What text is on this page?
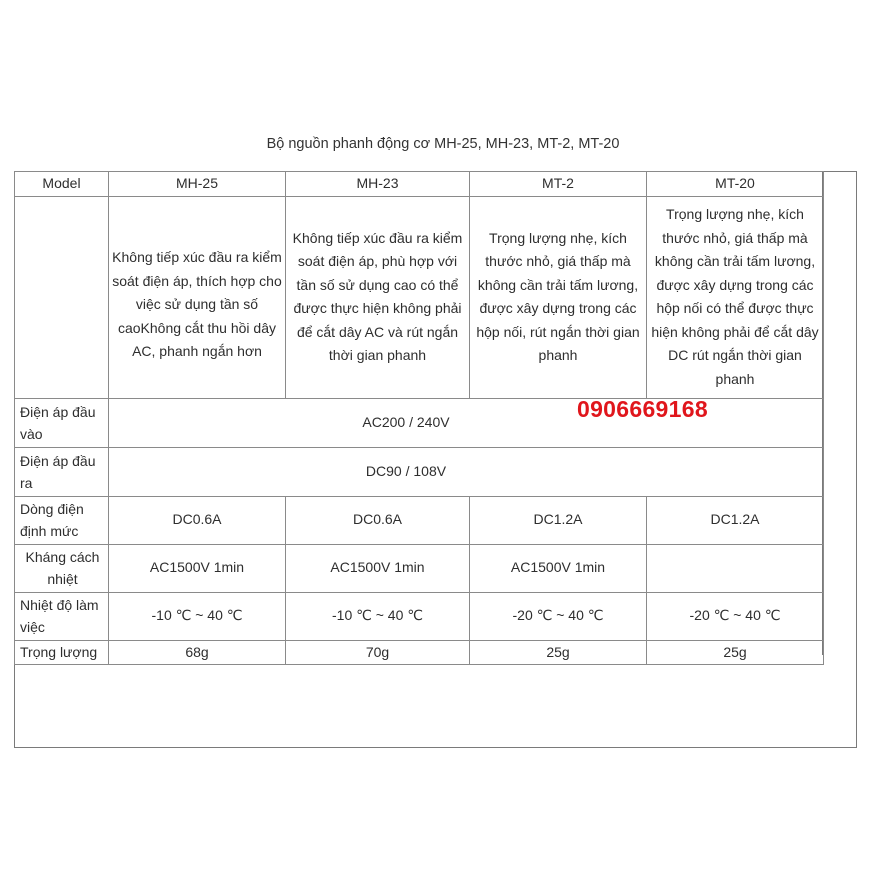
Bộ nguồn phanh động cơ MH-25, MH-23, MT-2, MT-20
Model	MH-25	MH-23	MT-2	MT-20
	Không tiếp xúc đầu ra kiểm soát điện áp, thích hợp cho việc sử dụng tần số caoKhông cắt thu hồi dây AC, phanh ngắn hơn	Không tiếp xúc đầu ra kiểm soát điện áp, phù hợp với tần số sử dụng cao có thể được thực hiện không phải để cắt dây AC và rút ngắn thời gian phanh	Trọng lượng nhẹ, kích thước nhỏ, giá thấp mà không cần trải tấm lương, được xây dựng trong các hộp nối, rút ngắn thời gian phanh	Trọng lượng nhẹ, kích thước nhỏ, giá thấp mà không cần trải tấm lương, được xây dựng trong các hộp nối có thể được thực hiện không phải để cắt dây DC rút ngắn thời gian phanh
Điện áp đầu vào	AC200 / 240V			
Điện áp đầu ra	DC90 / 108V			
Dòng điện định mức	DC0.6A	DC0.6A	DC1.2A	DC1.2A
Kháng cách nhiệt	AC1500V 1min	AC1500V 1min	AC1500V 1min	
Nhiệt độ làm việc	-10 ℃ ~ 40 ℃	-10 ℃ ~ 40 ℃	-20 ℃ ~ 40 ℃	-20 ℃ ~ 40 ℃
Trọng lượng	68g	70g	25g	25g
0906669168
